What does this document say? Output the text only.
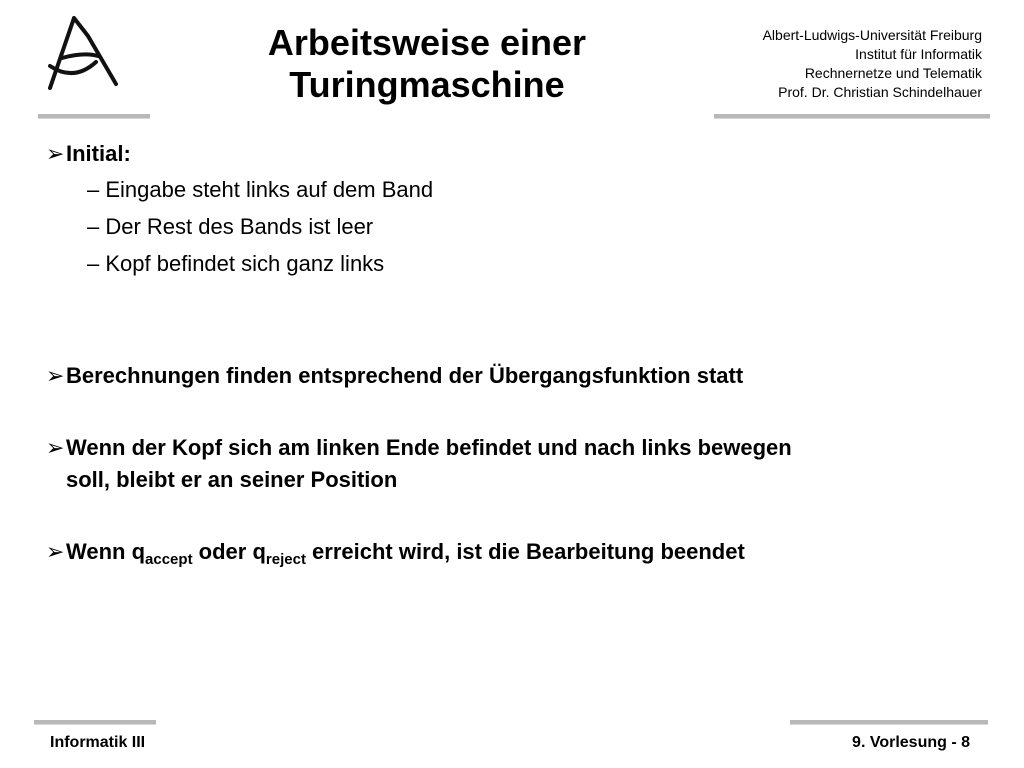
Arbeitsweise einer
Turingmaschine
Albert-Ludwigs-Universität Freiburg
Institut für Informatik
Rechnernetze und Telematik
Prof. Dr. Christian Schindelhauer
➢ Initial:
– Eingabe steht links auf dem Band
– Der Rest des Bands ist leer
– Kopf befindet sich ganz links
➢ Berechnungen finden entsprechend der Übergangsfunktion statt
➢ Wenn der Kopf sich am linken Ende befindet und nach links bewegen
soll, bleibt er an seiner Position
➢ Wenn $q_{accept}$ oder $q_{reject}$ erreicht wird, ist die Bearbeitung beendet
Informatik III	9. Vorlesung - 8
